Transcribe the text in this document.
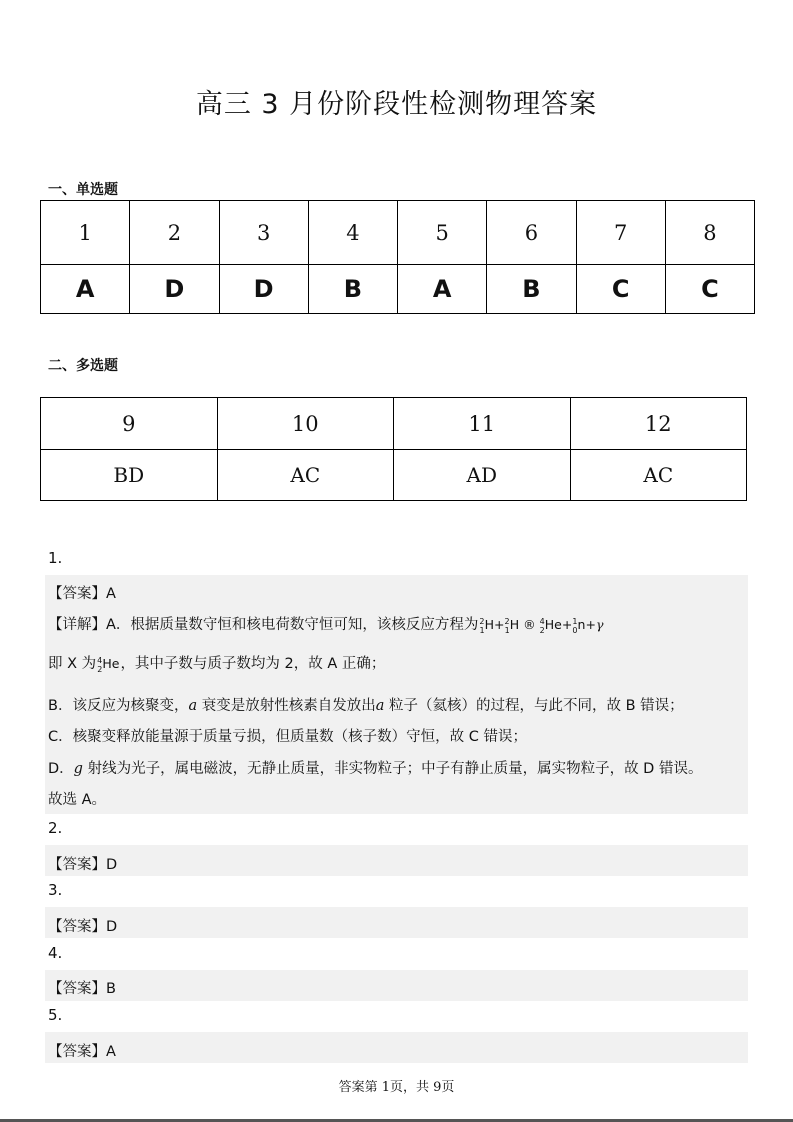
高三 3 月份阶段性检测物理答案
一、单选题
1	2	3	4	5	6	7	8
A	D	D	B	A	B	C	C
二、多选题
9	10	11	12
BD	AC	AD	AC
1.
【答案】A
【详解】A．根据质量数守恒和核电荷数守恒可知，该核反应方程为$^2_1$H+$^2_1$H ® $^4_2$He+$^1_0$n+γ
即 X 为$^4_2$He，其中子数与质子数均为 2，故 A 正确；
B．该反应为核聚变，a 衰变是放射性核素自发放出a 粒子（氦核）的过程，与此不同，故 B 错误；
C．核聚变释放能量源于质量亏损，但质量数（核子数）守恒，故 C 错误；
D．g 射线为光子，属电磁波，无静止质量，非实物粒子；中子有静止质量，属实物粒子，故 D 错误。
故选 A。
2.
【答案】D
3.
【答案】D
4.
【答案】B
5.
【答案】A
答案第 1页，共 9页
